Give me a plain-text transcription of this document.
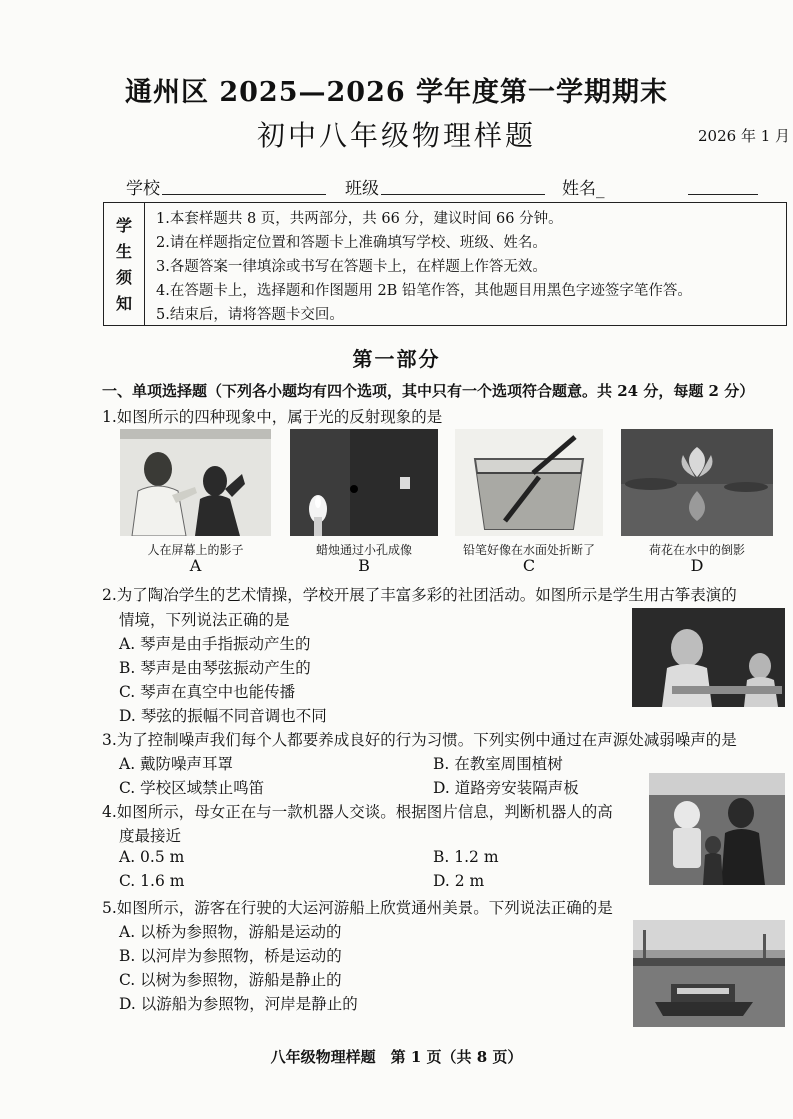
通州区 2025—2026 学年度第一学期期末
初中八年级物理样题	2026 年 1 月
学校	班级	姓名_
学
生
须
知
1.本套样题共 8 页，共两部分，共 66 分，建议时间 66 分钟。
2.请在样题指定位置和答题卡上准确填写学校、班级、姓名。
3.各题答案一律填涂或书写在答题卡上，在样题上作答无效。
4.在答题卡上，选择题和作图题用 2B 铅笔作答，其他题目用黑色字迹签字笔作答。
5.结束后，请将答题卡交回。
第一部分
一、单项选择题（下列各小题均有四个选项，其中只有一个选项符合题意。共 24 分，每题 2 分）
1.如图所示的四种现象中，属于光的反射现象的是
人在屏幕上的影子
A
蜡烛通过小孔成像
B
铅笔好像在水面处折断了
C
荷花在水中的倒影
D
2.为了陶冶学生的艺术情操，学校开展了丰富多彩的社团活动。如图所示是学生用古筝表演的
情境，下列说法正确的是
A. 琴声是由手指振动产生的
B. 琴声是由琴弦振动产生的
C. 琴声在真空中也能传播
D. 琴弦的振幅不同音调也不同
3.为了控制噪声我们每个人都要养成良好的行为习惯。下列实例中通过在声源处减弱噪声的是
A. 戴防噪声耳罩	B. 在教室周围植树
C. 学校区域禁止鸣笛	D. 道路旁安装隔声板
4.如图所示，母女正在与一款机器人交谈。根据图片信息，判断机器人的高
度最接近
A. 0.5 m	B. 1.2 m
C. 1.6 m	D. 2 m
5.如图所示，游客在行驶的大运河游船上欣赏通州美景。下列说法正确的是
A. 以桥为参照物，游船是运动的
B. 以河岸为参照物，桥是运动的
C. 以树为参照物，游船是静止的
D. 以游船为参照物，河岸是静止的
八年级物理样题　第 1 页（共 8 页）
